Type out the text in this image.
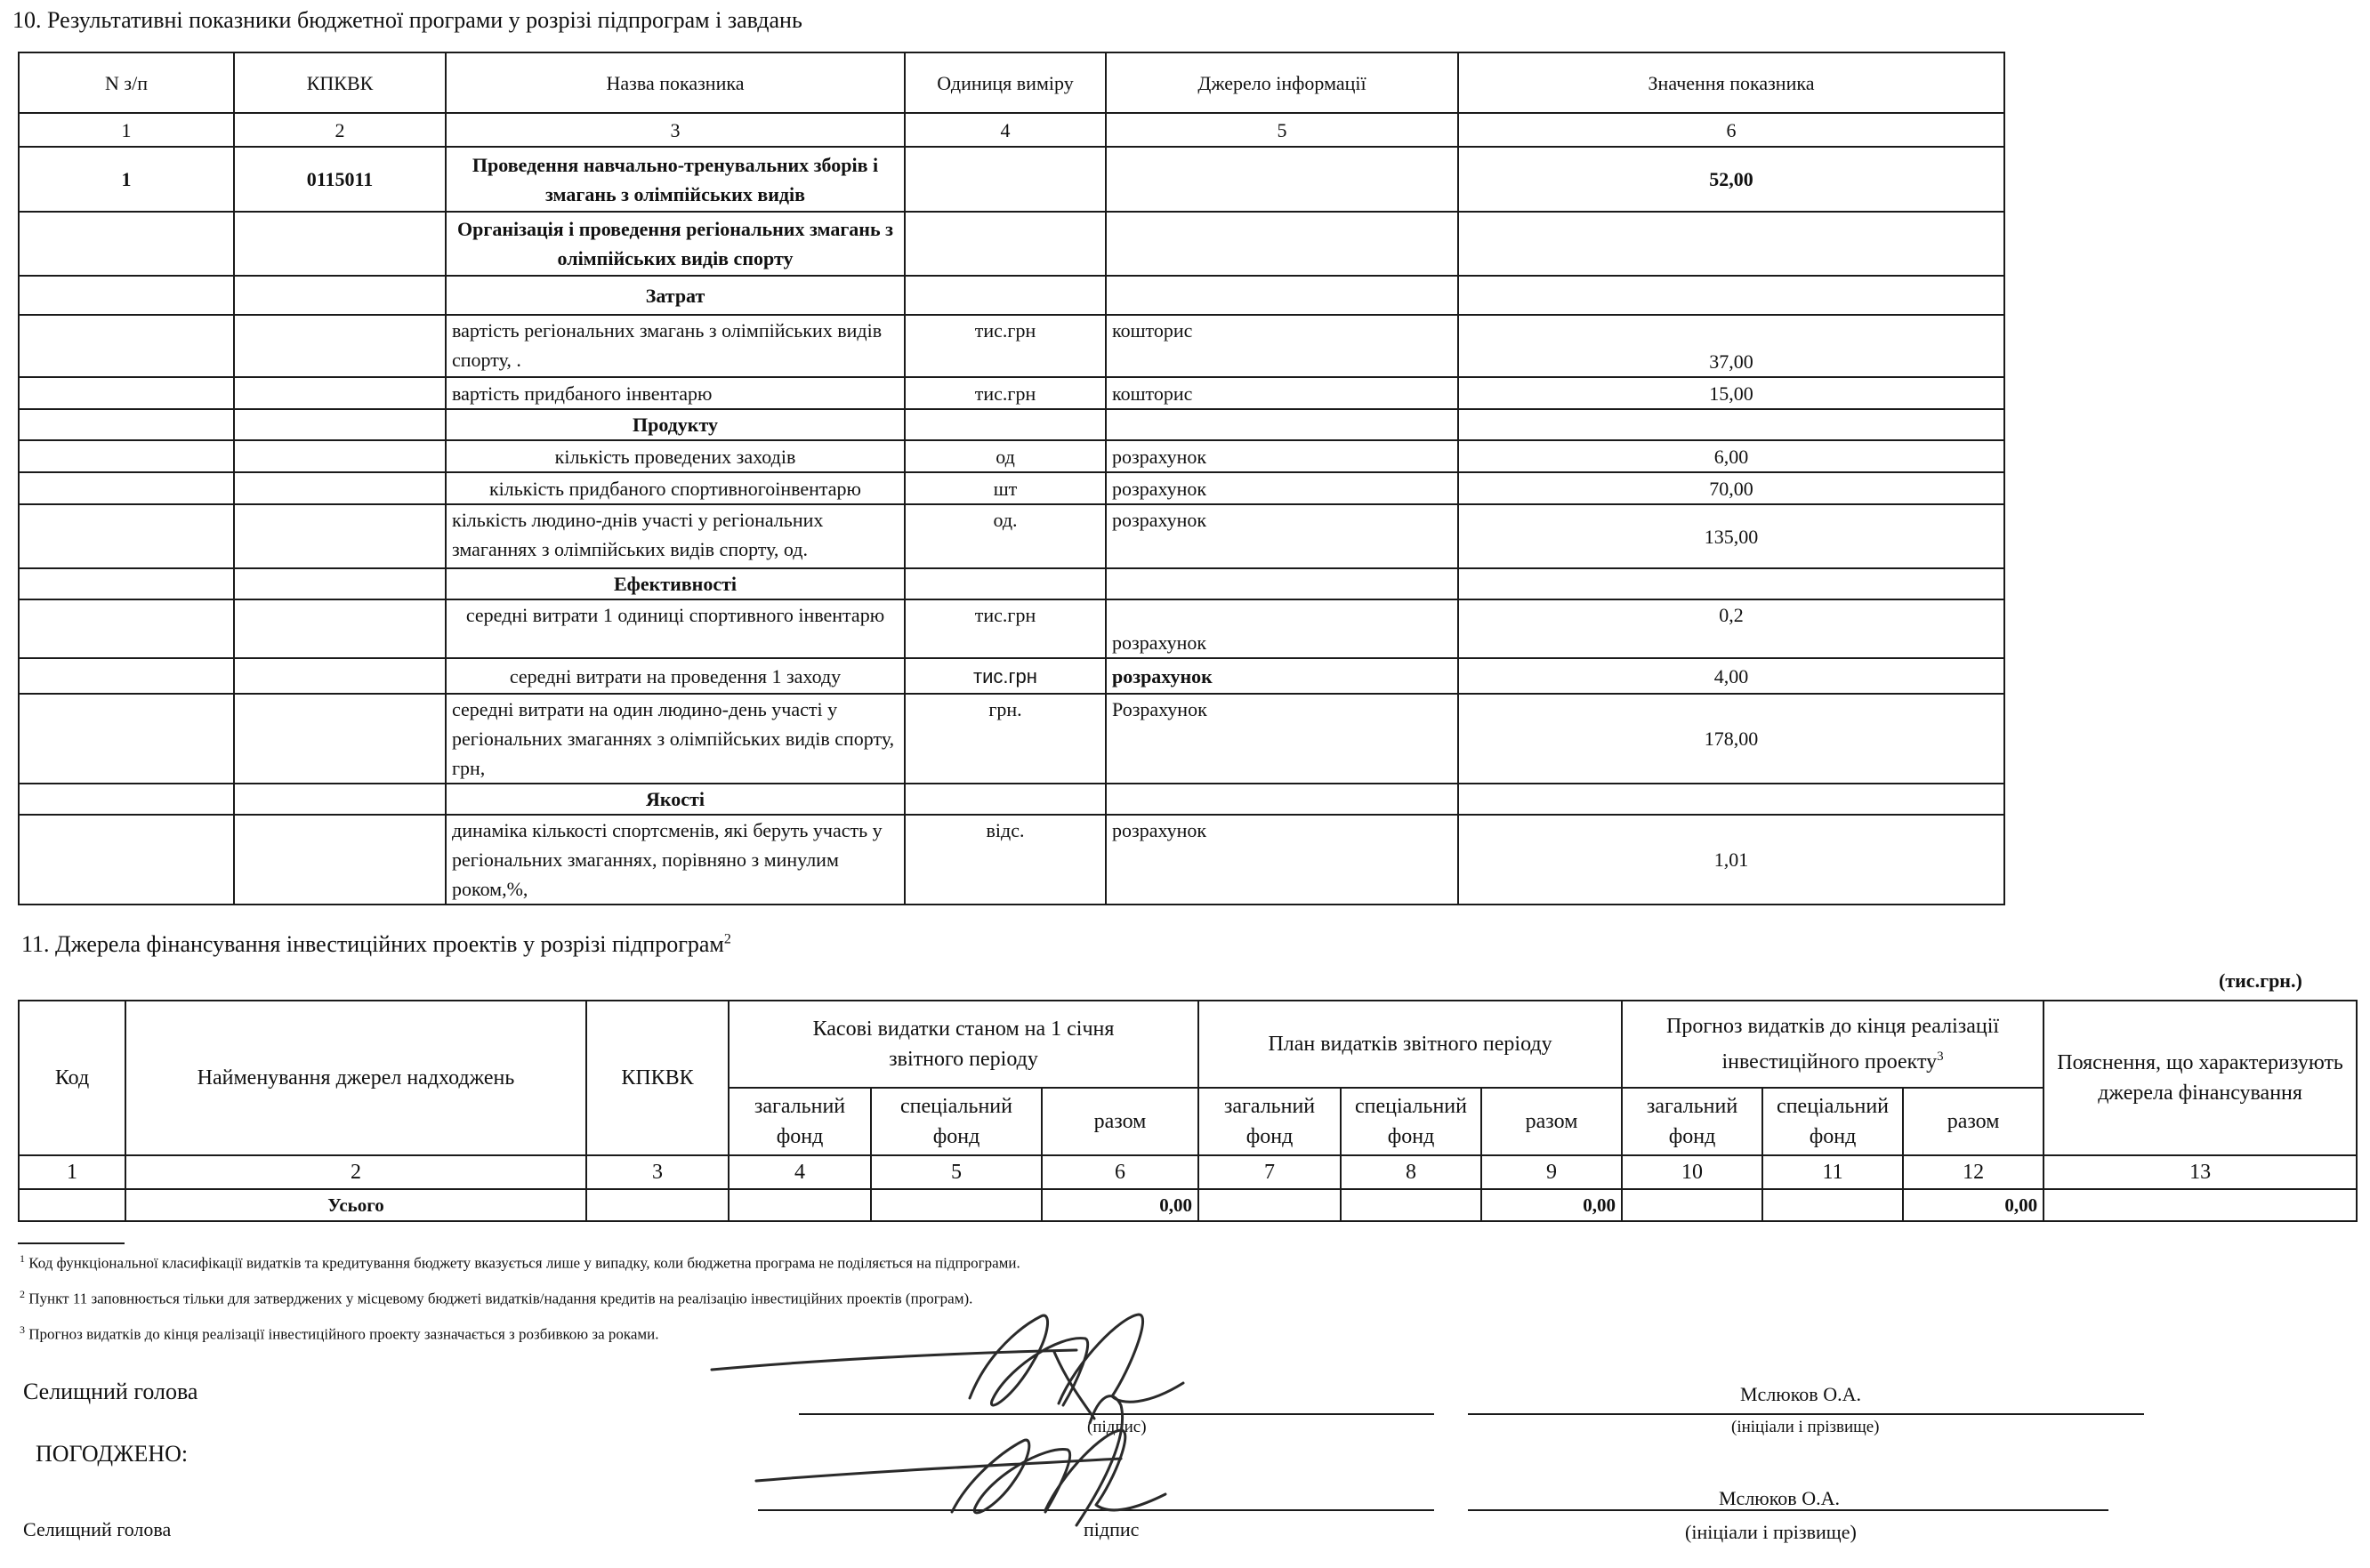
10. Результативні показники бюджетної програми у розрізі підпрограм і завдань
N з/п	КПКВК	Назва показника	Одиниця виміру	Джерело інформації	Значення показника
1	2	3	4	5	6
1	0115011	Проведення навчально-тренувальних зборів і змагань з олімпійських видів			52,00
		Організація і проведення регіональних змагань з олімпійських видів спорту			
		Затрат			
		вартість регіональних змагань з олімпійських видів спорту, .	тис.грн	кошторис	37,00
		вартість придбаного інвентарю	тис.грн	кошторис	15,00
		Продукту			
		кількість проведених заходів	од	розрахунок	6,00
		кількість придбаного спортивногоінвентарю	шт	розрахунок	70,00
		кількість людино-днів участі у регіональних змаганнях з олімпійських видів спорту, од.	од.	розрахунок	135,00
		Ефективності			
		середні витрати 1 одиниці спортивного інвентарю	тис.грн	розрахунок	0,2
		середні витрати на проведення 1 заходу	тис.грн	розрахунок	4,00
		середні витрати на один людино-день участі у регіональних змаганнях з олімпійських видів спорту, грн,	грн.	Розрахунок	178,00
		Якості			
		динаміка кількості спортсменів, які беруть участь у регіональних змаганнях, порівняно з минулим роком,%,	відс.	розрахунок	1,01
11. Джерела фінансування інвестиційних проектів у розрізі підпрограм$^2$
(тис.грн.)
Код	Найменування джерел надходжень	КПКВК	Касові видатки станом на 1 січня звітного періоду			План видатків звітного періоду			Прогноз видатків до кінця реалізації інвестиційного проекту$^3$			Пояснення, що характеризують джерела фінансування
			загальний фонд	спеціальний фонд	разом	загальний фонд	спеціальний фонд	разом	загальний фонд	спеціальний фонд	разом	
1	2	3	4	5	6	7	8	9	10	11	12	13
	Усього				0,00			0,00			0,00	
$^1$ Код функціональної класифікації видатків та кредитування бюджету вказується лише у випадку, коли бюджетна програма не поділяється на підпрограми.
$^2$ Пункт 11 заповнюється тільки для затверджених у місцевому бюджеті видатків/надання кредитів на реалізацію інвестиційних проектів (програм).
$^3$ Прогноз видатків до кінця реалізації інвестиційного проекту зазначається з розбивкою за роками.
Селищний голова
(підпис)
Мслюков О.А.
(ініціали і прізвище)
ПОГОДЖЕНО:
Селищний голова	підпис
Мслюков О.А.
(ініціали і прізвище)
